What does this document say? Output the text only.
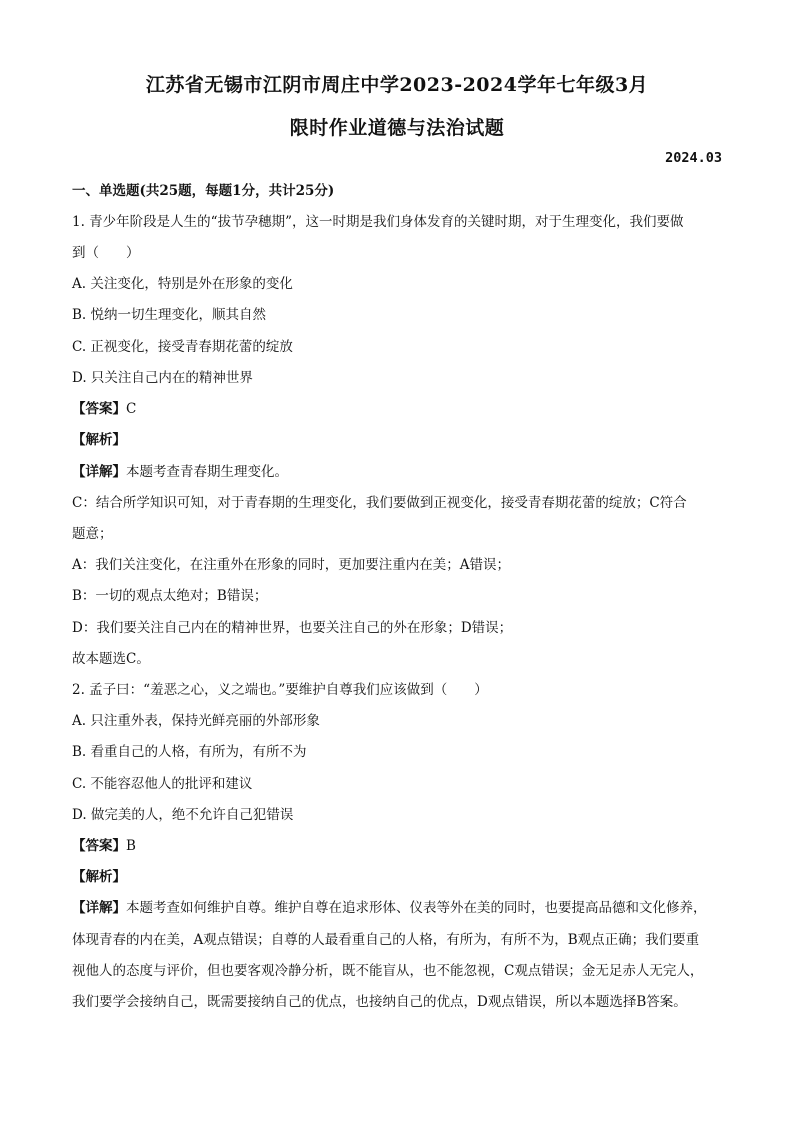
江苏省无锡市江阴市周庄中学2023-2024学年七年级3月
限时作业道德与法治试题
2024.03
一、单选题(共25题，每题1分，共计25分)
1. 青少年阶段是人生的“拔节孕穗期”，这一时期是我们身体发育的关键时期，对于生理变化，我们要做
到（　　）
A. 关注变化，特别是外在形象的变化
B. 悦纳一切生理变化，顺其自然
C. 正视变化，接受青春期花蕾的绽放
D. 只关注自己内在的精神世界
【答案】C
【解析】
【详解】本题考查青春期生理变化。
C：结合所学知识可知，对于青春期的生理变化，我们要做到正视变化，接受青春期花蕾的绽放；C符合
题意；
A：我们关注变化，在注重外在形象的同时，更加要注重内在美；A错误；
B：一切的观点太绝对；B错误；
D：我们要关注自己内在的精神世界，也要关注自己的外在形象；D错误；
故本题选C。
2. 孟子曰：“羞恶之心，义之端也。”要维护自尊我们应该做到（　　）
A. 只注重外表，保持光鲜亮丽的外部形象
B. 看重自己的人格，有所为，有所不为
C. 不能容忍他人的批评和建议
D. 做完美的人，绝不允许自己犯错误
【答案】B
【解析】
【详解】本题考查如何维护自尊。维护自尊在追求形体、仪表等外在美的同时，也要提高品德和文化修养，
体现青春的内在美，A观点错误；自尊的人最看重自己的人格，有所为，有所不为，B观点正确；我们要重
视他人的态度与评价，但也要客观冷静分析，既不能盲从，也不能忽视，C观点错误；金无足赤人无完人，
我们要学会接纳自己，既需要接纳自己的优点，也接纳自己的优点，D观点错误，所以本题选择B答案。
